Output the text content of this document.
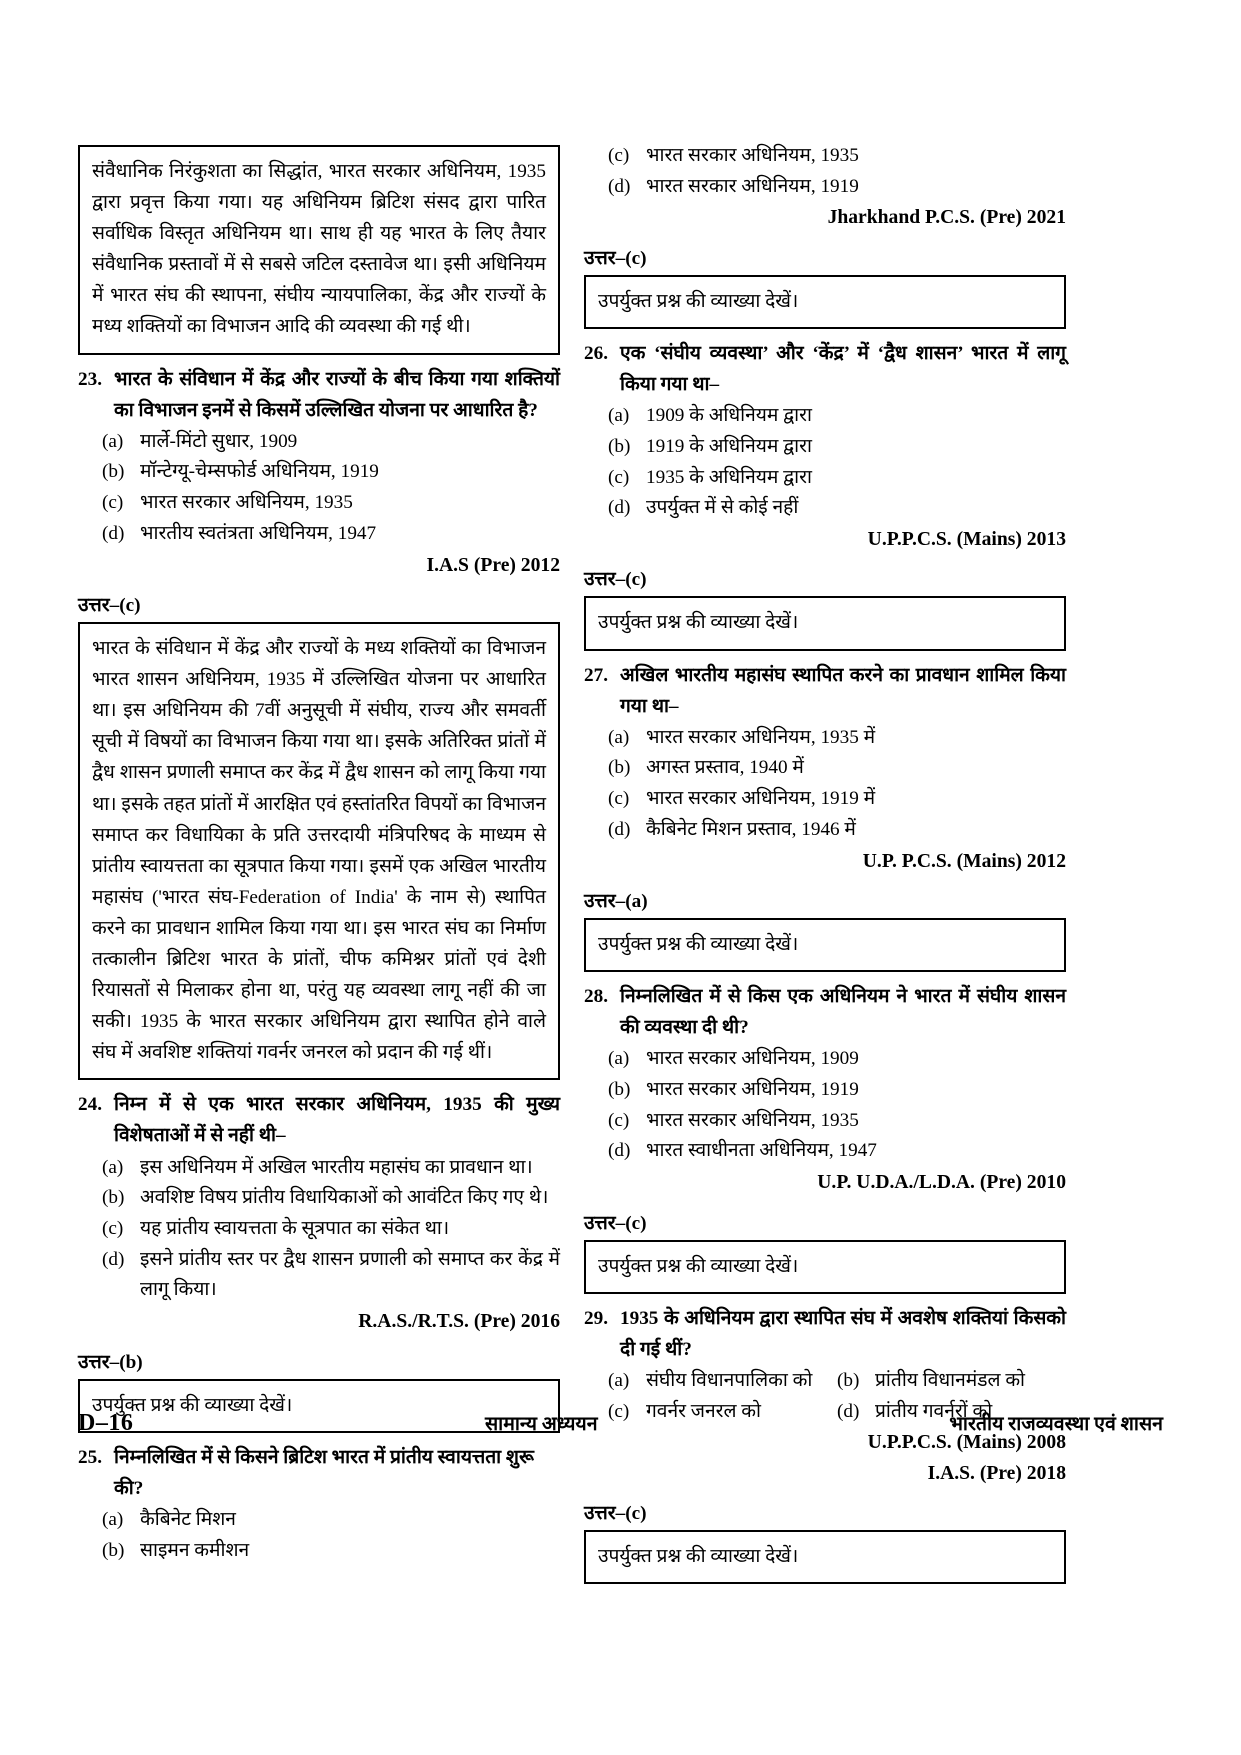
संवैधानिक निरंकुशता का सिद्धांत, भारत सरकार अधिनियम, 1935 द्वारा प्रवृत्त किया गया। यह अधिनियम ब्रिटिश संसद द्वारा पारित सर्वाधिक विस्तृत अधिनियम था। साथ ही यह भारत के लिए तैयार संवैधानिक प्रस्तावों में से सबसे जटिल दस्तावेज था। इसी अधिनियम में भारत संघ की स्थापना, संघीय न्यायपालिका, केंद्र और राज्यों के मध्य शक्तियों का विभाजन आदि की व्यवस्था की गई थी।

23. भारत के संविधान में केंद्र और राज्यों के बीच किया गया शक्तियों का विभाजन इनमें से किसमें उल्लिखित योजना पर आधारित है?

(a) मार्ले-मिंटो सुधार, 1909
(b) मॉन्टेग्यू-चेम्सफोर्ड अधिनियम, 1919
(c) भारत सरकार अधिनियम, 1935
(d) भारतीय स्वतंत्रता अधिनियम, 1947
I.A.S (Pre) 2012
उत्तर–(c)

भारत के संविधान में केंद्र और राज्यों के मध्य शक्तियों का विभाजन भारत शासन अधिनियम, 1935 में उल्लिखित योजना पर आधारित था। इस अधिनियम की 7वीं अनुसूची में संघीय, राज्य और समवर्ती सूची में विषयों का विभाजन किया गया था। इसके अतिरिक्त प्रांतों में द्वैध शासन प्रणाली समाप्त कर केंद्र में द्वैध शासन को लागू किया गया था। इसके तहत प्रांतों में आरक्षित एवं हस्तांतरित विपयों का विभाजन समाप्त कर विधायिका के प्रति उत्तरदायी मंत्रिपरिषद के माध्यम से प्रांतीय स्वायत्तता का सूत्रपात किया गया। इसमें एक अखिल भारतीय महासंघ ('भारत संघ-Federation of India' के नाम से) स्थापित करने का प्रावधान शामिल किया गया था। इस भारत संघ का निर्माण तत्कालीन ब्रिटिश भारत के प्रांतों, चीफ कमिश्नर प्रांतों एवं देशी रियासतों से मिलाकर होना था, परंतु यह व्यवस्था लागू नहीं की जा सकी। 1935 के भारत सरकार अधिनियम द्वारा स्थापित होने वाले संघ में अवशिष्ट शक्तियां गवर्नर जनरल को प्रदान की गई थीं।

24. निम्न में से एक भारत सरकार अधिनियम, 1935 की मुख्य विशेषताओं में से नहीं थी–

(a) इस अधिनियम में अखिल भारतीय महासंघ का प्रावधान था।
(b) अवशिष्ट विषय प्रांतीय विधायिकाओं को आवंटित किए गए थे।
(c) यह प्रांतीय स्वायत्तता के सूत्रपात का संकेत था।
(d) इसने प्रांतीय स्तर पर द्वैध शासन प्रणाली को समाप्त कर केंद्र में लागू किया।
R.A.S./R.T.S. (Pre) 2016
उत्तर–(b)

उपर्युक्त प्रश्न की व्याख्या देखें।

25. निम्नलिखित में से किसने ब्रिटिश भारत में प्रांतीय स्वायत्तता शुरू की?

(a) कैबिनेट मिशन
(b) साइमन कमीशन
(c) भारत सरकार अधिनियम, 1935
(d) भारत सरकार अधिनियम, 1919
Jharkhand P.C.S. (Pre) 2021
उत्तर–(c)

उपर्युक्त प्रश्न की व्याख्या देखें।

26. एक ‘संघीय व्यवस्था’ और ‘केंद्र’ में ‘द्वैध शासन’ भारत में लागू किया गया था–

(a) 1909 के अधिनियम द्वारा
(b) 1919 के अधिनियम द्वारा
(c) 1935 के अधिनियम द्वारा
(d) उपर्युक्त में से कोई नहीं
U.P.P.C.S. (Mains) 2013
उत्तर–(c)

उपर्युक्त प्रश्न की व्याख्या देखें।

27. अखिल भारतीय महासंघ स्थापित करने का प्रावधान शामिल किया गया था–

(a) भारत सरकार अधिनियम, 1935 में
(b) अगस्त प्रस्ताव, 1940 में
(c) भारत सरकार अधिनियम, 1919 में
(d) कैबिनेट मिशन प्रस्ताव, 1946 में
U.P. P.C.S. (Mains) 2012
उत्तर–(a)

उपर्युक्त प्रश्न की व्याख्या देखें।

28. निम्नलिखित में से किस एक अधिनियम ने भारत में संघीय शासन की व्यवस्था दी थी?

(a) भारत सरकार अधिनियम, 1909
(b) भारत सरकार अधिनियम, 1919
(c) भारत सरकार अधिनियम, 1935
(d) भारत स्वाधीनता अधिनियम, 1947
U.P. U.D.A./L.D.A. (Pre) 2010
उत्तर–(c)

उपर्युक्त प्रश्न की व्याख्या देखें।

29. 1935 के अधिनियम द्वारा स्थापित संघ में अवशेष शक्तियां किसको दी गई थीं?

(a) संघीय विधानपालिका को	(b) प्रांतीय विधानमंडल को
(c) गवर्नर जनरल को	(d) प्रांतीय गवर्नरों को
U.P.P.C.S. (Mains) 2008
I.A.S. (Pre) 2018
उत्तर–(c)

उपर्युक्त प्रश्न की व्याख्या देखें।

D–16	सामान्य अध्ययन	भारतीय राजव्यवस्था एवं शासन
